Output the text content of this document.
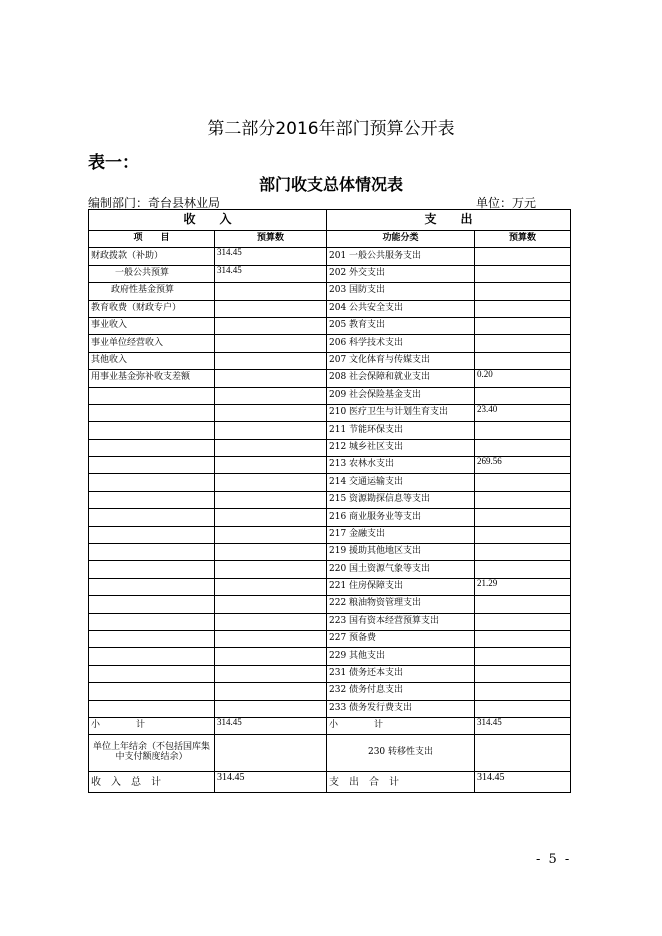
第二部分2016年部门预算公开表
表一：
部门收支总体情况表
编制部门：奇台县林业局	单位：万元
收　　入		支　　出	
项　　目	预算数	功能分类	预算数
财政拨款（补助）	314.45	201 一般公共服务支出	
一般公共预算	314.45	202 外交支出	
政府性基金预算		203 国防支出	
教育收费（财政专户）		204 公共安全支出	
事业收入		205 教育支出	
事业单位经营收入		206 科学技术支出	
其他收入		207 文化体育与传媒支出	
用事业基金弥补收支差额		208 社会保障和就业支出	0.20
		209 社会保险基金支出	
		210 医疗卫生与计划生育支出	23.40
		211 节能环保支出	
		212 城乡社区支出	
		213 农林水支出	269.56
		214 交通运输支出	
		215 资源勘探信息等支出	
		216 商业服务业等支出	
		217 金融支出	
		219 援助其他地区支出	
		220 国土资源气象等支出	
		221 住房保障支出	21.29
		222 粮油物资管理支出	
		223 国有资本经营预算支出	
		227 预备费	
		229 其他支出	
		231 债务还本支出	
		232 债务付息支出	
		233 债务发行费支出	
小　　　　计	314.45	小　　　　计	314.45
单位上年结余（不包括国库集中支付额度结余）		230 转移性支出	
收　入　总　计	314.45	支　出　合　计	314.45
- 5 -
